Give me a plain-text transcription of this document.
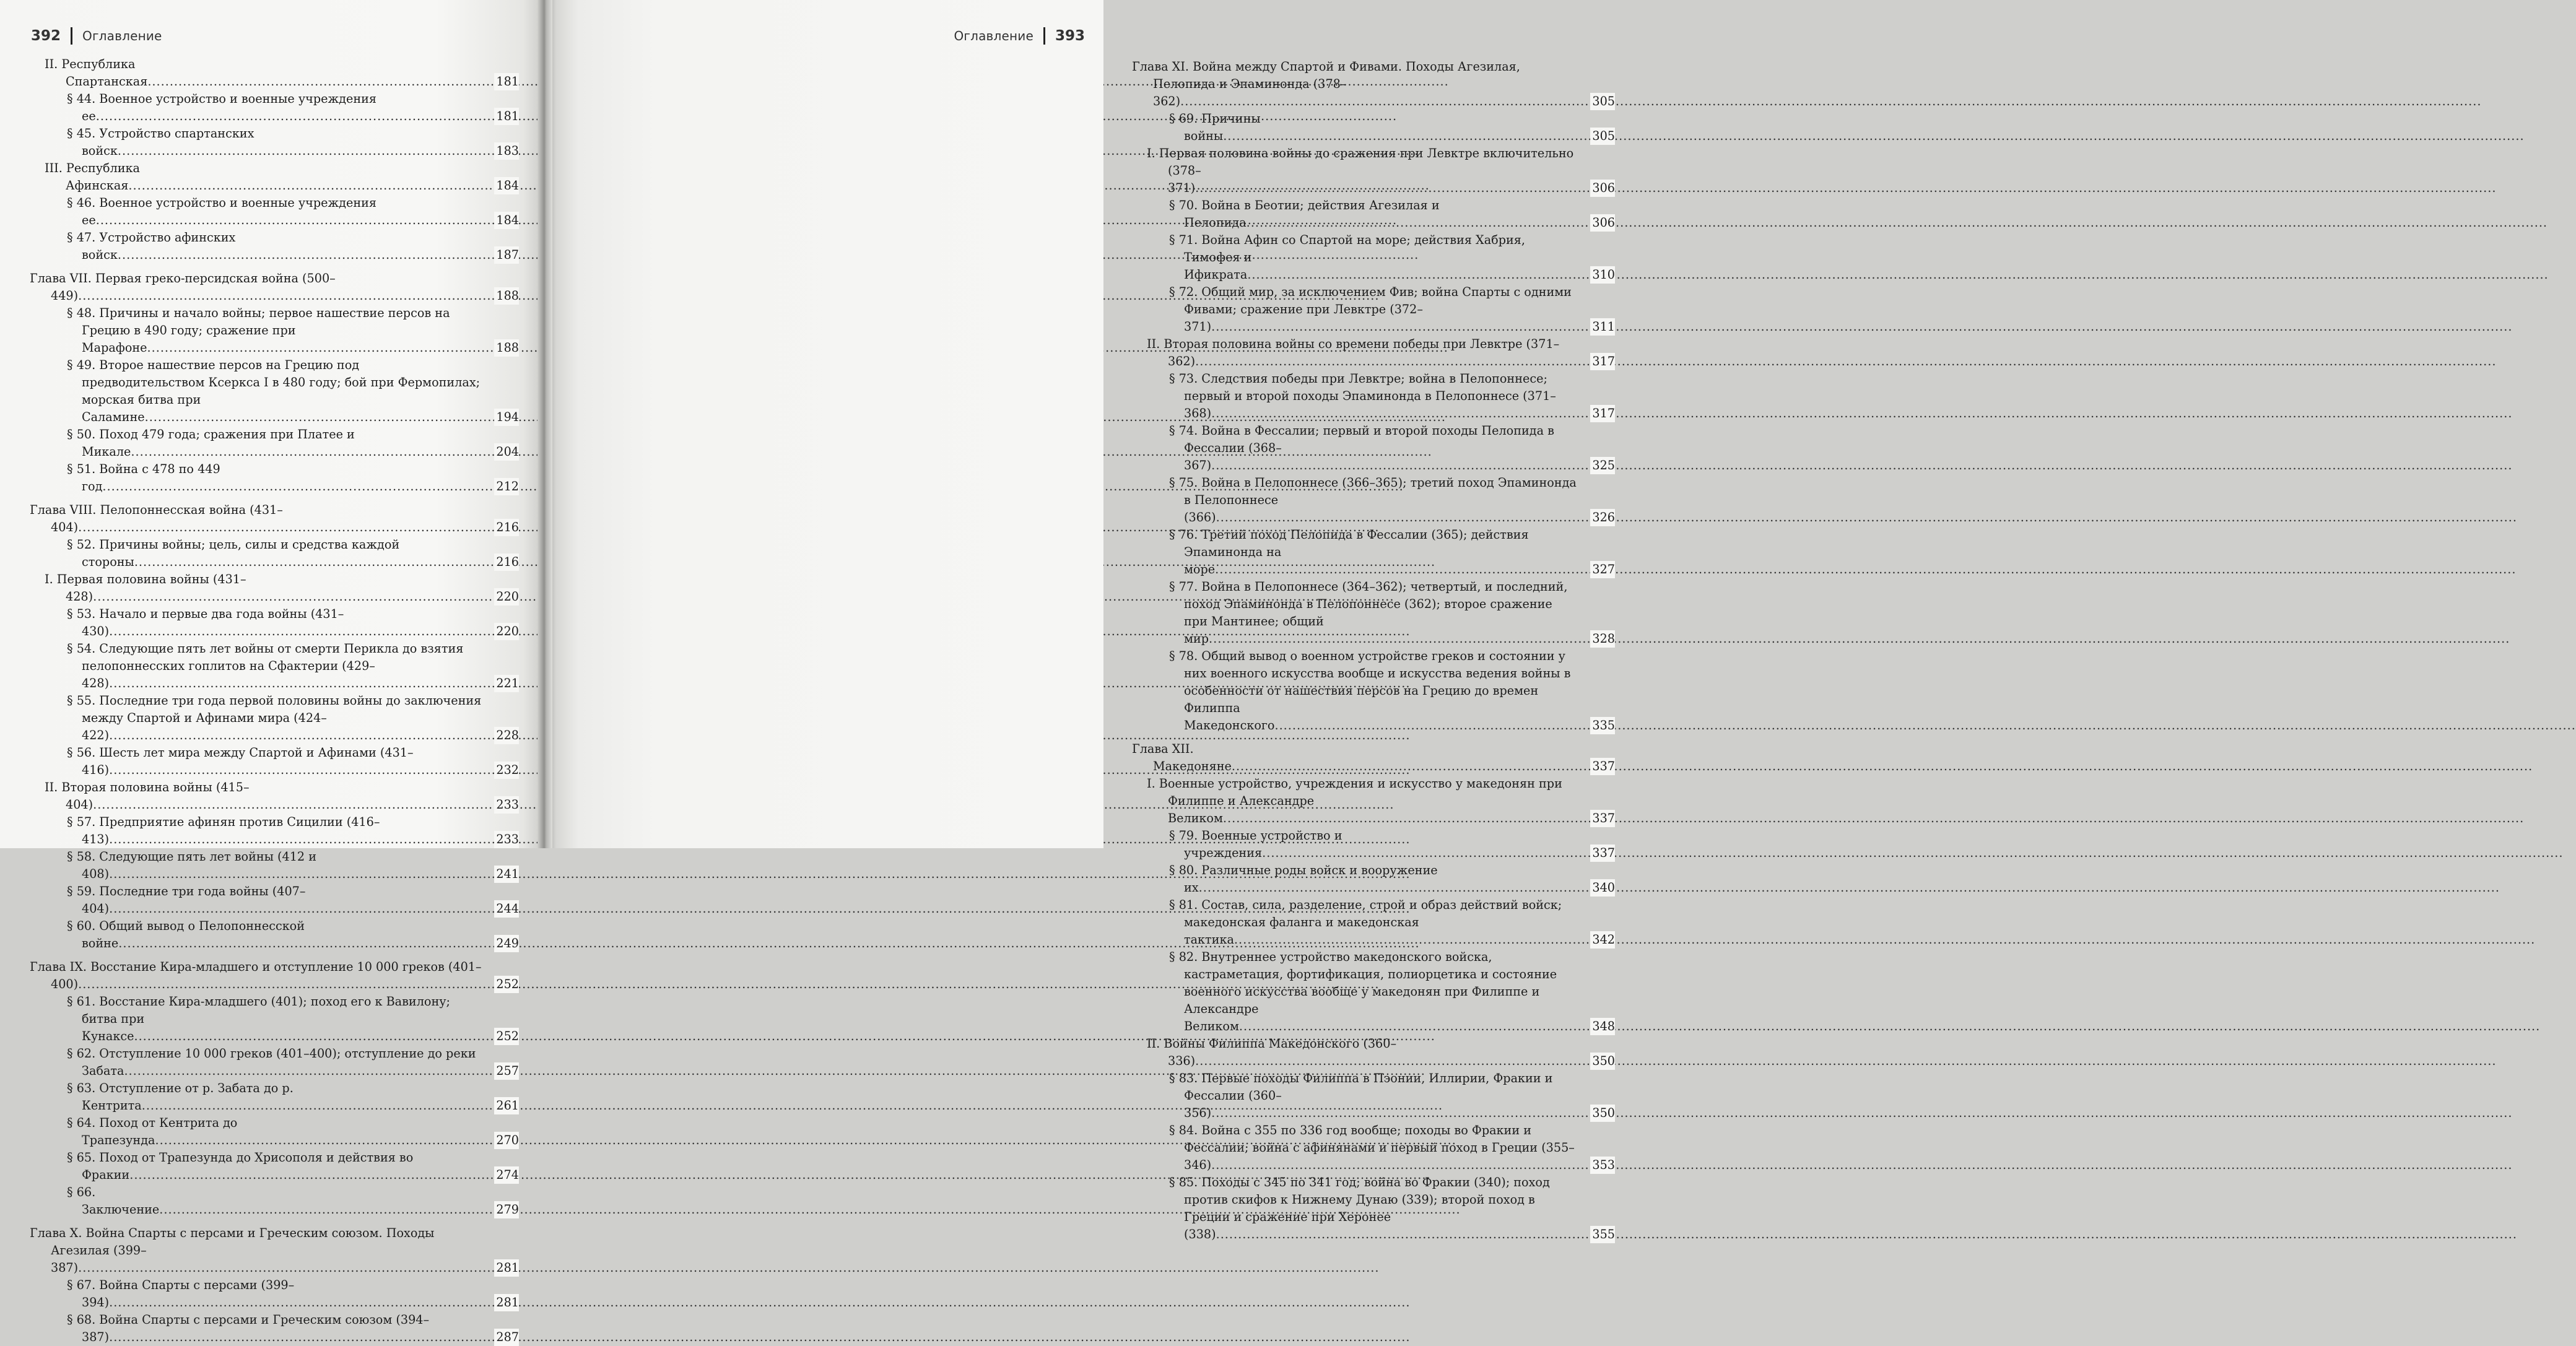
392 Оглавление
II. Республика Спартанская .....	181
§ 44. Военное устройство и военные учреждения ее .....	181
§ 45. Устройство спартанских войск .....	183
III. Республика Афинская .....	184
§ 46. Военное устройство и военные учреждения ее .....	184
§ 47. Устройство афинских войск .....	187
Глава VII. Первая греко-персидская война (500–449) .....	188
§ 48. Причины и начало войны; первое нашествие персов на Грецию в 490 году; сражение при Марафоне .....	188
§ 49. Второе нашествие персов на Грецию под предводительством Ксеркса I в 480 году; бой при Фермопилах; морская битва при Саламине .....	194
§ 50. Поход 479 года; сражения при Платее и Микале .....	204
§ 51. Война с 478 по 449 год .....	212
Глава VIII. Пелопоннесская война (431–404) .....	216
§ 52. Причины войны; цель, силы и средства каждой стороны .....	216
I. Первая половина войны (431–428) .....	220
§ 53. Начало и первые два года войны (431–430) .....	220
§ 54. Следующие пять лет войны от смерти Перикла до взятия пелопоннесских гоплитов на Сфактерии (429–428) .....	221
§ 55. Последние три года первой половины войны до заключения между Спартой и Афинами мира (424–422) .....	228
§ 56. Шесть лет мира между Спартой и Афинами (431–416) .....	232
II. Вторая половина войны (415–404) .....	233
§ 57. Предприятие афинян против Сицилии (416–413) .....	233
§ 58. Следующие пять лет войны (412 и 408) .....	241
§ 59. Последние три года войны (407–404) .....	244
§ 60. Общий вывод о Пелопоннесской войне .....	249
Глава IX. Восстание Кира-младшего и отступление 10 000 греков (401–400) .....	252
§ 61. Восстание Кира-младшего (401); поход его к Вавилону; битва при Кунаксе .....	252
§ 62. Отступление 10 000 греков (401–400); отступление до реки Забата .....	257
§ 63. Отступление от р. Забата до р. Кентрита .....	261
§ 64. Поход от Кентрита до Трапезунда .....	270
§ 65. Поход от Трапезунда до Хрисополя и действия во Фракии .....	274
§ 66. Заключение .....	279
Глава X. Война Спарты с персами и Греческим союзом. Походы Агезилая (399–387) .....	281
§ 67. Война Спарты с персами (399–394) .....	281
§ 68. Война Спарты с персами и Греческим союзом (394–387) .....	287
Оглавление 393
Глава XI. Война между Спартой и Фивами. Походы Агезилая, Пелопида и Эпаминонда (378–362) .....	305
§ 69. Причины войны .....	305
I. Первая половина войны до сражения при Левктре включительно (378–371) .....	306
§ 70. Война в Беотии; действия Агезилая и Пелопида .....	306
§ 71. Война Афин со Спартой на море; действия Хабрия, Тимофея и Ификрата .....	310
§ 72. Общий мир, за исключением Фив; война Спарты с одними Фивами; сражение при Левктре (372–371) .....	311
II. Вторая половина войны со времени победы при Левктре (371–362) .....	317
§ 73. Следствия победы при Левктре; война в Пелопоннесе; первый и второй походы Эпаминонда в Пелопоннесе (371–368) .....	317
§ 74. Война в Фессалии; первый и второй походы Пелопида в Фессалии (368–367) .....	325
§ 75. Война в Пелопоннесе (366–365); третий поход Эпаминонда в Пелопоннесе (366) .....	326
§ 76. Третий поход Пелопида в Фессалии (365); действия Эпаминонда на море .....	327
§ 77. Война в Пелопоннесе (364–362); четвертый, и последний, поход Эпаминонда в Пелопоннесе (362); второе сражение при Мантинее; общий мир .....	328
§ 78. Общий вывод о военном устройстве греков и состоянии у них военного искусства вообще и искусства ведения войны в особенности от нашествия персов на Грецию до времен Филиппа Македонского .....	335
Глава XII. Македоняне .....	337
I. Военные устройство, учреждения и искусство у македонян при Филиппе и Александре Великом .....	337
§ 79. Военные устройство и учреждения .....	337
§ 80. Различные роды войск и вооружение их .....	340
§ 81. Состав, сила, разделение, строй и образ действий войск; македонская фаланга и македонская тактика .....	342
§ 82. Внутреннее устройство македонского войска, кастраметация, фортификация, полиорцетика и состояние военного искусства вообще у македонян при Филиппе и Александре Великом .....	348
II. Войны Филиппа Македонского (360–336) .....	350
§ 83. Первые походы Филиппа в Пэонии, Иллирии, Фракии и Фессалии (360–356) .....	350
§ 84. Война с 355 по 336 год вообще; походы во Фракии и Фессалии; война с афинянами и первый поход в Греции (355–346) .....	353
§ 85. Походы с 345 по 341 год; война во Фракии (340); поход против скифов к Нижнему Дунаю (339); второй поход в Греции и сражение при Херонее (338) .....	355
